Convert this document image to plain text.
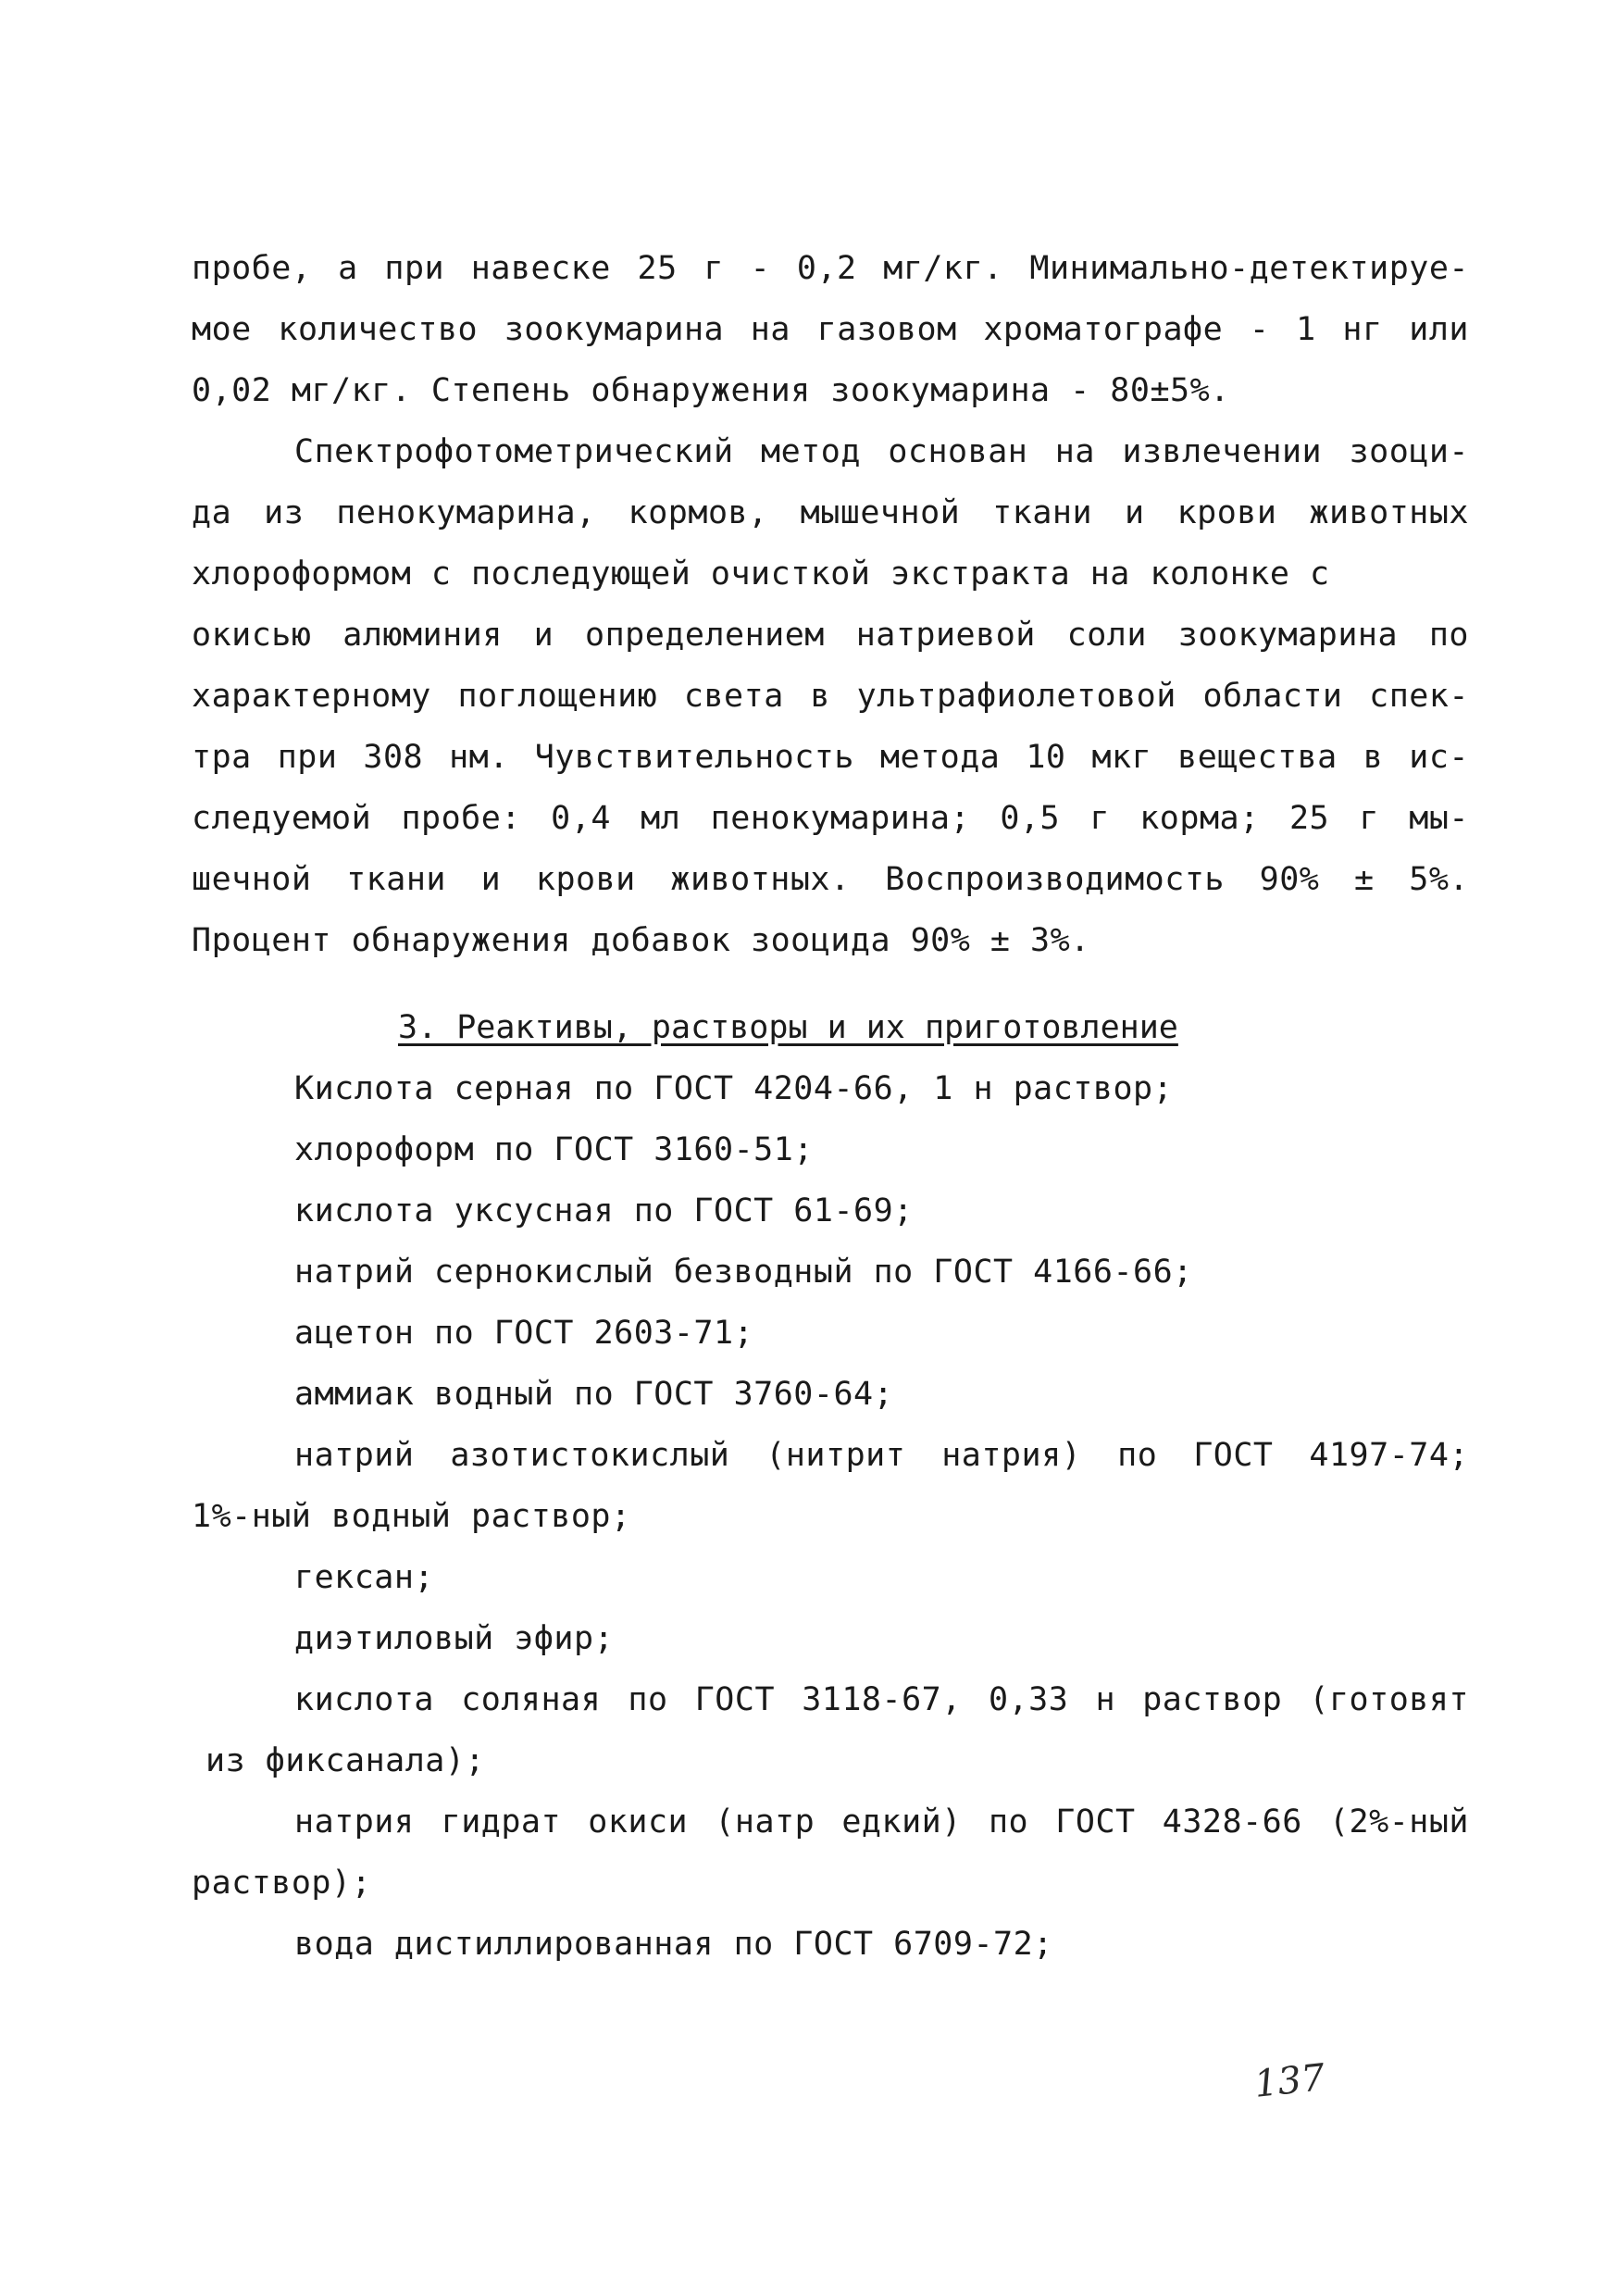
пробе, а при навеске 25 г - 0,2 мг/кг. Минимально-детектируе-
мое количество зоокумарина на газовом хроматографе - 1 нг или
0,02 мг/кг. Степень обнаружения зоокумарина - 80±5%.
Спектрофотометрический метод основан на извлечении зооци-
да из пенокумарина, кормов, мышечной ткани и крови животных
хлороформом с последующей очисткой экстракта на колонке с
окисью алюминия и определением натриевой соли зоокумарина по
характерному поглощению света в ультрафиолетовой области спек-
тра при 308 нм. Чувствительность метода 10 мкг вещества в ис-
следуемой пробе: 0,4 мл пенокумарина; 0,5 г корма; 25 г мы-
шечной ткани и крови животных. Воспроизводимость 90% ± 5%.
Процент обнаружения добавок зооцида 90% ± 3%.
3. Реактивы, растворы и их приготовление
Кислота серная по ГОСТ 4204-66, 1 н раствор;
хлороформ по ГОСТ 3160-51;
кислота уксусная по ГОСТ 61-69;
натрий сернокислый безводный по ГОСТ 4166-66;
ацетон по ГОСТ 2603-71;
аммиак водный по ГОСТ 3760-64;
натрий азотистокислый (нитрит натрия) по ГОСТ 4197-74;
1%-ный водный раствор;
гексан;
диэтиловый эфир;
кислота соляная по ГОСТ 3118-67, 0,33 н раствор (готовят
из фиксанала);
натрия гидрат окиси (натр едкий) по ГОСТ 4328-66 (2%-ный
раствор);
вода дистиллированная по ГОСТ 6709-72;
137
